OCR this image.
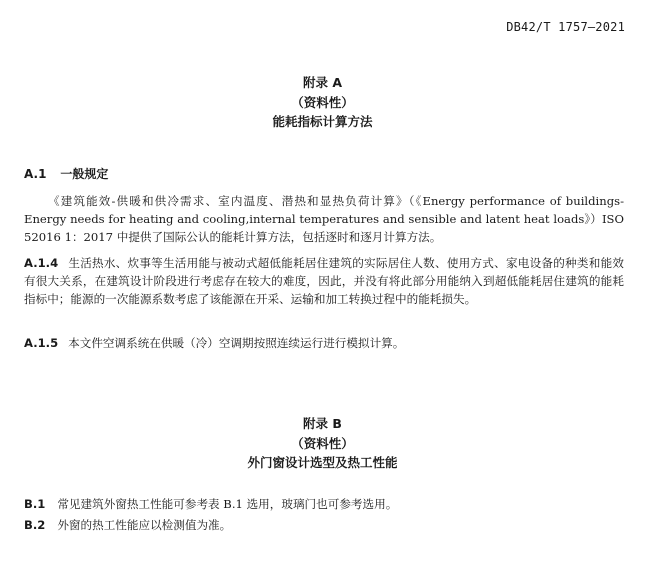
DB42/T 1757—2021
附录 A
（资料性）
能耗指标计算方法
A.1 一般规定

《建筑能效-供暖和供冷需求、室内温度、潜热和显热负荷计算》（《Energy performance of buildings-Energy needs for heating and cooling,internal temperatures and sensible and latent heat loads》）ISO 52016 1：2017 中提供了国际公认的能耗计算方法，包括逐时和逐月计算方法。

A.1.4 生活热水、炊事等生活用能与被动式超低能耗居住建筑的实际居住人数、使用方式、家电设备的种类和能效有很大关系，在建筑设计阶段进行考虑存在较大的难度，因此，并没有将此部分用能纳入到超低能耗居住建筑的能耗指标中；能源的一次能源系数考虑了该能源在开采、运输和加工转换过程中的能耗损失。

A.1.5 本文件空调系统在供暖（冷）空调期按照连续运行进行模拟计算。

附录 B
（资料性）
外门窗设计选型及热工性能
B.1 常见建筑外窗热工性能可参考表 B.1 选用，玻璃门也可参考选用。
B.2 外窗的热工性能应以检测值为准。
